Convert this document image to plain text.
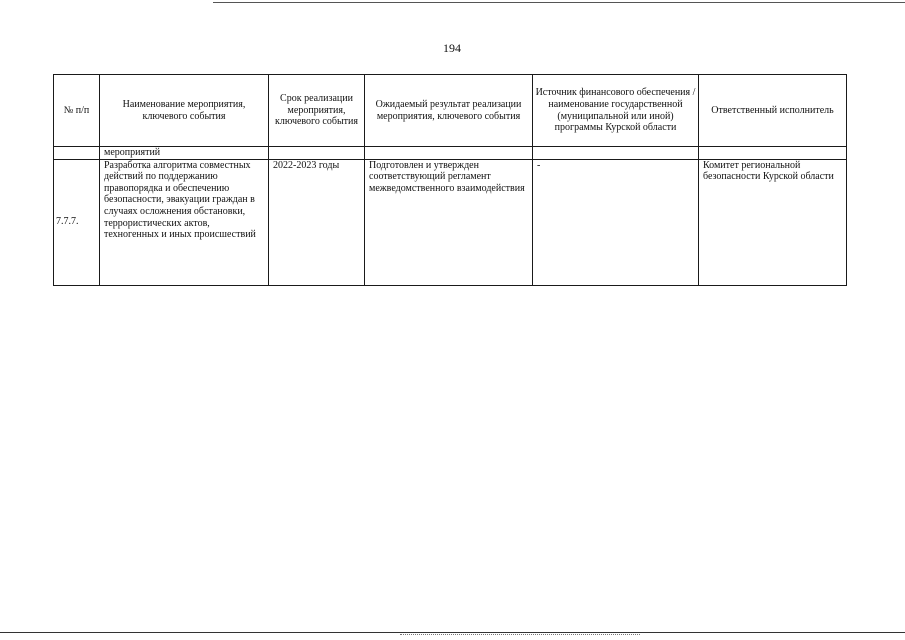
194
№ п/п	Наименование мероприятия, ключевого события	Срок реализации мероприятия, ключевого события	Ожидаемый результат реализации мероприятия, ключевого события	Источник финансового обеспечения / наименование государственной (муниципальной или иной) программы Курской области	Ответственный исполнитель
	мероприятий				
7.7.7.	Разработка алгоритма совместных действий по поддержанию правопорядка и обеспечению безопасности, эвакуации граждан в случаях осложнения обстановки, террористических актов, техногенных и иных происшествий	2022-2023 годы	Подготовлен и утвержден соответствующий регламент межведомственного взаимодействия	-	Комитет региональной безопасности Курской области
